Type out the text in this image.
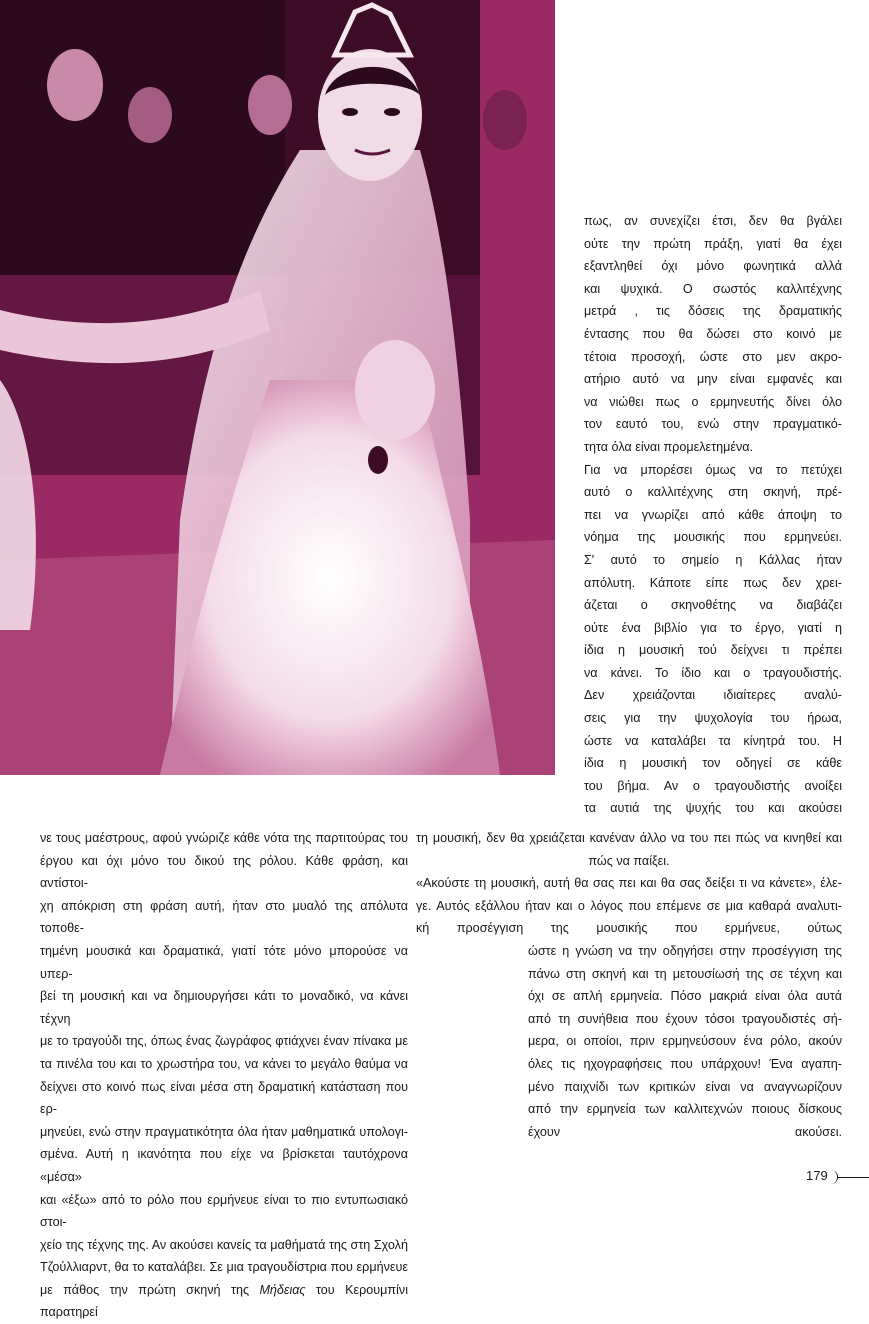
πως, αν συνεχίζει έτσι, δεν θα βγάλει
ούτε την πρώτη πράξη, γιατί θα έχει
εξαντληθεί όχι μόνο φωνητικά αλλά
και ψυχικά. Ο σωστός καλλιτέχνης
μετρά , τις δόσεις της δραματικής
έντασης που θα δώσει στο κοινό με
τέτοια προσοχή, ώστε στο μεν ακρο-
ατήριο αυτό να μην είναι εμφανές και
να νιώθει πως ο ερμηνευτής δίνει όλο
τον εαυτό του, ενώ στην πραγματικό-
τητα όλα είναι προμελετημένα.
Για να μπορέσει όμως να το πετύχει
αυτό ο καλλιτέχνης στη σκηνή, πρέ-
πει να γνωρίζει από κάθε άποψη το
νόημα της μουσικής που ερμηνεύει.
Σ' αυτό το σημείο η Κάλλας ήταν
απόλυτη. Κάποτε είπε πως δεν χρει-
άζεται ο σκηνοθέτης να διαβάζει
ούτε ένα βιβλίο για το έργο, γιατί η
ίδια η μουσική τού δείχνει τι πρέπει
να κάνει. Το ίδιο και ο τραγουδιστής.
Δεν χρειάζονται ιδιαίτερες αναλύ-
σεις για την ψυχολογία του ήρωα,
ώστε να καταλάβει τα κίνητρά του. Η
ίδια η μουσική τον οδηγεί σε κάθε
του βήμα. Αν ο τραγουδιστής ανοίξει
τα αυτιά της ψυχής του και ακούσει
νε τους μαέστρους, αφού γνώριζε κάθε νότα της παρτιτούρας του
έργου και όχι μόνο του δικού της ρόλου. Κάθε φράση, και αντίστοι-
χη απόκριση στη φράση αυτή, ήταν στο μυαλό της απόλυτα τοποθε-
τημένη μουσικά και δραματικά, γιατί τότε μόνο μπορούσε να υπερ-
βεί τη μουσική και να δημιουργήσει κάτι το μοναδικό, να κάνει τέχνη
με το τραγούδι της, όπως ένας ζωγράφος φτιάχνει έναν πίνακα με
τα πινέλα του και το χρωστήρα του, να κάνει το μεγάλο θαύμα να
δείχνει στο κοινό πως είναι μέσα στη δραματική κατάσταση που ερ-
μηνεύει, ενώ στην πραγματικότητα όλα ήταν μαθηματικά υπολογι-
σμένα. Αυτή η ικανότητα που είχε να βρίσκεται ταυτόχρονα «μέσα»
και «έξω» από το ρόλο που ερμήνευε είναι το πιο εντυπωσιακό στοι-
χείο της τέχνης της. Αν ακούσει κανείς τα μαθήματά της στη Σχολή
Τζούλλιαρντ, θα το καταλάβει. Σε μια τραγουδίστρια που ερμήνευε
με πάθος την πρώτη σκηνή της Μήδειας του Κερουμπίνι παρατηρεί
τη μουσική, δεν θα χρειάζεται κανέναν άλλο να του πει πώς να κινηθεί και
πώς να παίξει.
«Ακούστε τη μουσική, αυτή θα σας πει και θα σας δείξει τι να κάνετε», έλε-
γε. Αυτός εξάλλου ήταν και ο λόγος που επέμενε σε μια καθαρά αναλυτι-
κή προσέγγιση της μουσικής που ερμήνευε, ούτως
ώστε η γνώση να την οδηγήσει στην προσέγγιση της
πάνω στη σκηνή και τη μετουσίωσή της σε τέχνη και
όχι σε απλή ερμηνεία. Πόσο μακριά είναι όλα αυτά
από τη συνήθεια που έχουν τόσοι τραγουδιστές σή-
μερα, οι οποίοι, πριν ερμηνεύσουν ένα ρόλο, ακούν
όλες τις ηχογραφήσεις που υπάρχουν! Ένα αγαπη-
μένο παιχνίδι των κριτικών είναι να αναγνωρίζουν
από την ερμηνεία των καλλιτεχνών ποιους δίσκους
έχουν ακούσει.
179
